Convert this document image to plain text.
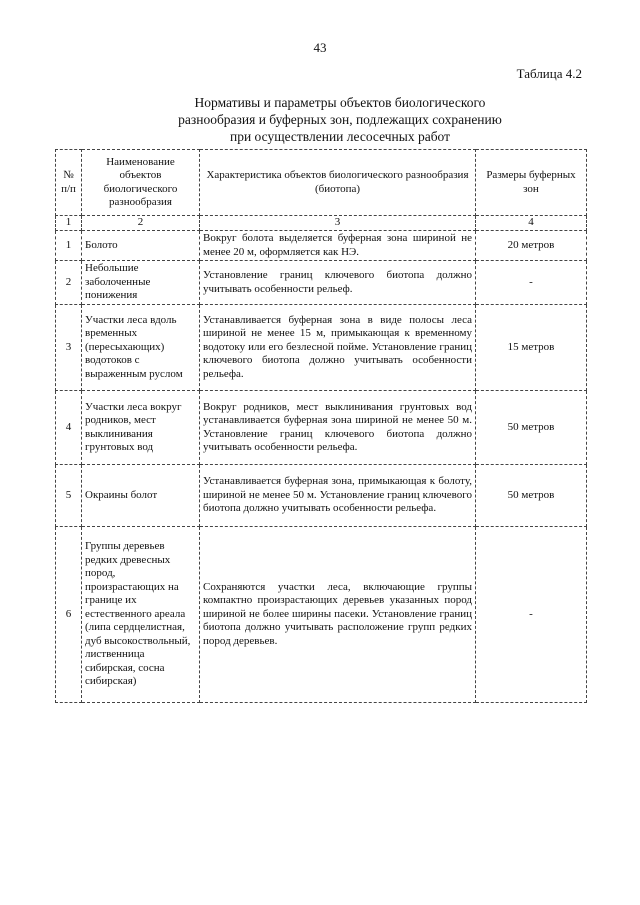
43
Таблица 4.2
Нормативы и параметры объектов биологического
разнообразия и буферных зон, подлежащих сохранению
при осуществлении лесосечных работ
№ п/п	Наименование объектов биологического разнообразия	Характеристика объектов биологического разнообразия (биотопа)	Размеры буферных зон
1	2	3	4
1	Болото	Вокруг болота выделяется буферная зона шириной не менее 20 м, оформляется как НЭ.	20 метров
2	Небольшие заболоченные понижения	Установление границ ключевого биотопа должно учитывать особенности рельеф.	-
3	Участки леса вдоль временных (пересыхающих) водотоков с выраженным руслом	Устанавливается буферная зона в виде полосы леса шириной не менее 15 м, примыкающая к временному водотоку или его безлесной пойме. Установление границ ключевого биотопа должно учитывать особенности рельефа.	15 метров
4	Участки леса вокруг родников, мест выклинивания грунтовых вод	Вокруг родников, мест выклинивания грунтовых вод устанавливается буферная зона шириной не менее 50 м. Установление границ ключевого биотопа должно учитывать особенности рельефа.	50 метров
5	Окраины болот	Устанавливается буферная зона, примыкающая к болоту, шириной не менее 50 м. Установление границ ключевого биотопа должно учитывать особенности рельефа.	50 метров
6	Группы деревьев редких древесных пород, произрастающих на границе их естественного ареала (липа сердцелистная, дуб высокоствольный, лиственница сибирская, сосна сибирская)	Сохраняются участки леса, включающие группы компактно произрастающих деревьев указанных пород шириной не более ширины пасеки. Установление границ биотопа должно учитывать расположение групп редких пород деревьев.	-
